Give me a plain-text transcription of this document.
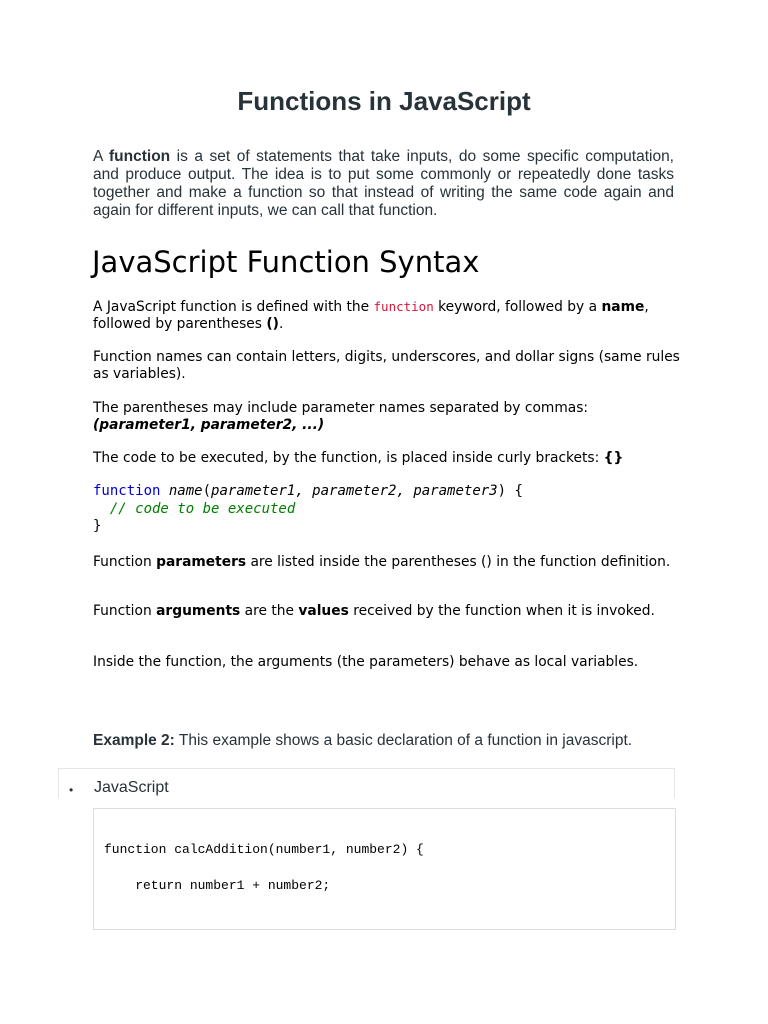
Functions in JavaScript

A function is a set of statements that take inputs, do some specific computation, and produce output. The idea is to put some commonly or repeatedly done tasks together and make a function so that instead of writing the same code again and again for different inputs, we can call that function.

JavaScript Function Syntax

A JavaScript function is defined with the function keyword, followed by a name, followed by parentheses ().

Function names can contain letters, digits, underscores, and dollar signs (same rules as variables).

The parentheses may include parameter names separated by commas:
(parameter1, parameter2, ...)

The code to be executed, by the function, is placed inside curly brackets: {}

function name(parameter1, parameter2, parameter3) {
// code to be executed
}

Function parameters are listed inside the parentheses () in the function definition.

Function arguments are the values received by the function when it is invoked.

Inside the function, the arguments (the parameters) behave as local variables.

Example 2: This example shows a basic declaration of a function in javascript.

• JavaScript
function calcAddition(number1, number2) {
return number1 + number2;
